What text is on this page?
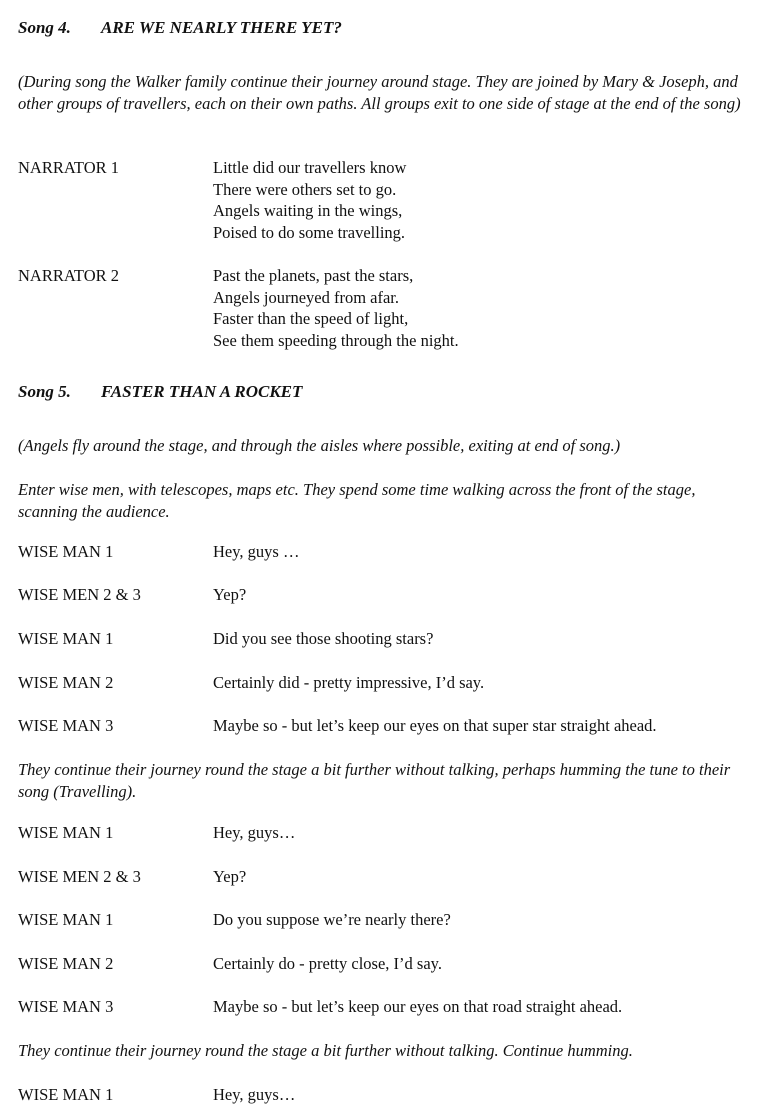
Song 4. ARE WE NEARLY THERE YET?
(During song the Walker family continue their journey around stage. They are joined by Mary & Joseph, and other groups of travellers, each on their own paths. All groups exit to one side of stage at the end of the song)
NARRATOR 1	Little did our travellers know
There were others set to go.
Angels waiting in the wings,
Poised to do some travelling.
NARRATOR 2	Past the planets, past the stars,
Angels journeyed from afar.
Faster than the speed of light,
See them speeding through the night.
Song 5. FASTER THAN A ROCKET
(Angels fly around the stage, and through the aisles where possible, exiting at end of song.)
Enter wise men, with telescopes, maps etc. They spend some time walking across the front of the stage, scanning the audience.
WISE MAN 1	Hey, guys …
WISE MEN 2 & 3	Yep?
WISE MAN 1	Did you see those shooting stars?
WISE MAN 2	Certainly did - pretty impressive, I’d say.
WISE MAN 3	Maybe so - but let’s keep our eyes on that super star straight ahead.
They continue their journey round the stage a bit further without talking, perhaps humming the tune to their song (Travelling).
WISE MAN 1	Hey, guys…
WISE MEN 2 & 3	Yep?
WISE MAN 1	Do you suppose we’re nearly there?
WISE MAN 2	Certainly do - pretty close, I’d say.
WISE MAN 3	Maybe so - but let’s keep our eyes on that road straight ahead.
They continue their journey round the stage a bit further without talking. Continue humming.
WISE MAN 1	Hey, guys…
